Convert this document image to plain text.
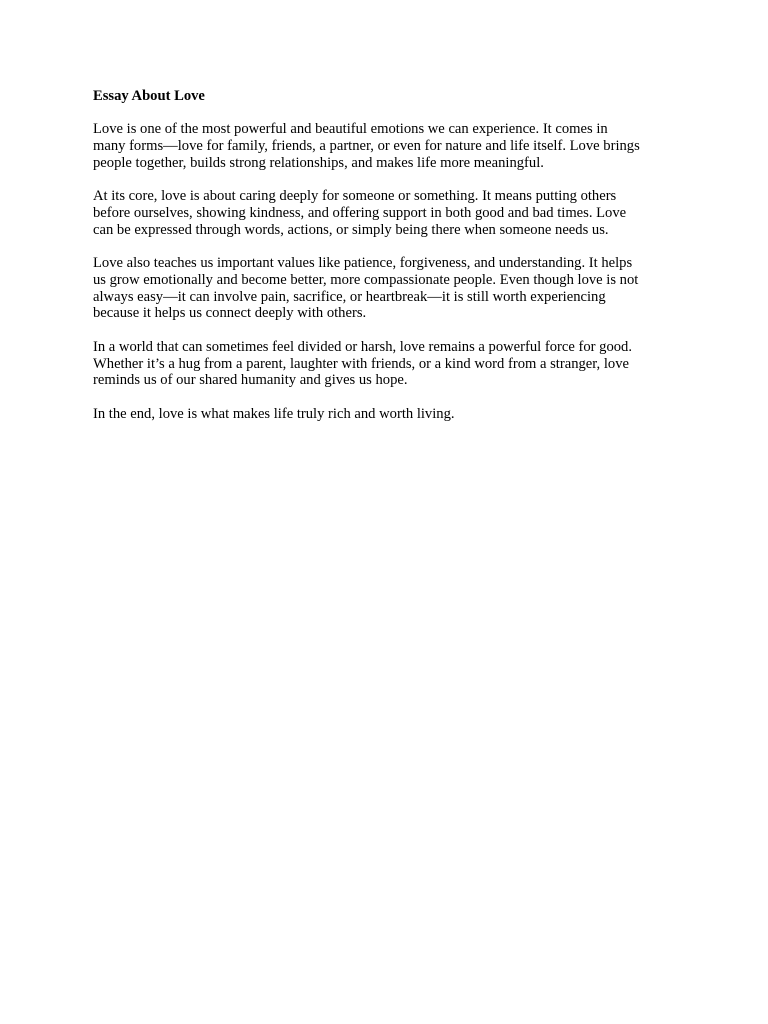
Essay About Love
Love is one of the most powerful and beautiful emotions we can experience. It comes in
many forms—love for family, friends, a partner, or even for nature and life itself. Love brings
people together, builds strong relationships, and makes life more meaningful.
At its core, love is about caring deeply for someone or something. It means putting others
before ourselves, showing kindness, and offering support in both good and bad times. Love
can be expressed through words, actions, or simply being there when someone needs us.
Love also teaches us important values like patience, forgiveness, and understanding. It helps
us grow emotionally and become better, more compassionate people. Even though love is not
always easy—it can involve pain, sacrifice, or heartbreak—it is still worth experiencing
because it helps us connect deeply with others.
In a world that can sometimes feel divided or harsh, love remains a powerful force for good.
Whether it’s a hug from a parent, laughter with friends, or a kind word from a stranger, love
reminds us of our shared humanity and gives us hope.
In the end, love is what makes life truly rich and worth living.
